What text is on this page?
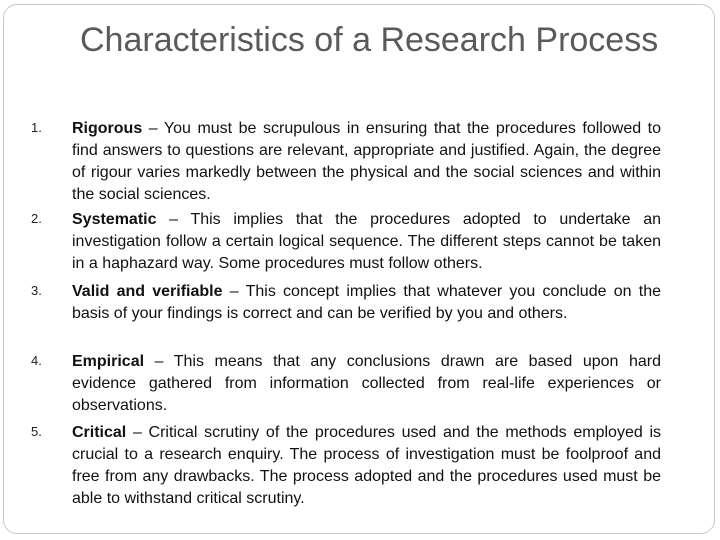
Characteristics of a Research Process
1. Rigorous – You must be scrupulous in ensuring that the procedures followed to find answers to questions are relevant, appropriate and justified. Again, the degree of rigour varies markedly between the physical and the social sciences and within the social sciences.

2. Systematic – This implies that the procedures adopted to undertake an investigation follow a certain logical sequence. The different steps cannot be taken in a haphazard way. Some procedures must follow others.

3. Valid and verifiable – This concept implies that whatever you conclude on the basis of your findings is correct and can be verified by you and others.

4. Empirical – This means that any conclusions drawn are based upon hard evidence gathered from information collected from real-life experiences or observations.

5. Critical – Critical scrutiny of the procedures used and the methods employed is crucial to a research enquiry. The process of investigation must be foolproof and free from any drawbacks. The process adopted and the procedures used must be able to withstand critical scrutiny.
